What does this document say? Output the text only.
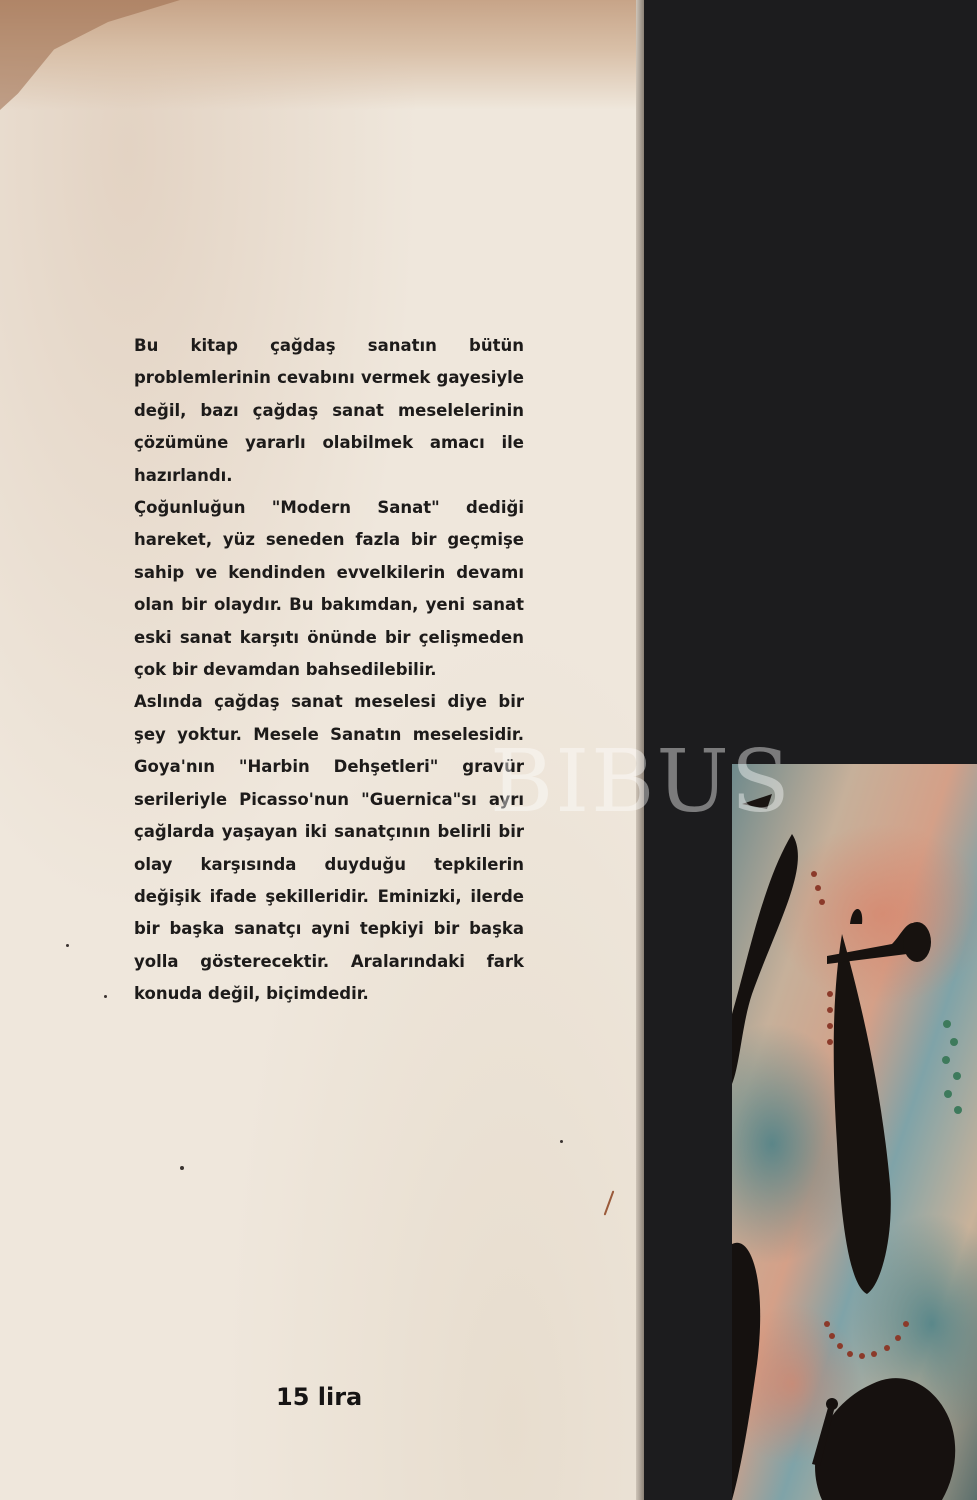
Bu kitap çağdaş sanatın bütün problemlerinin cevabını vermek gayesiyle değil, bazı çağdaş sanat meselelerinin çözümüne yararlı olabilmek amacı ile hazırlandı.

Çoğunluğun "Modern Sanat" dediği hareket, yüz seneden fazla bir geçmişe sahip ve kendinden evvelkilerin devamı olan bir olaydır. Bu bakımdan, yeni sanat eski sanat karşıtı önünde bir çelişmeden çok bir devamdan bahsedilebilir.

Aslında çağdaş sanat meselesi diye bir şey yoktur. Mesele Sanatın meselesidir. Goya'nın "Harbin Dehşetleri" gravür serileriyle Picasso'nun "Guernica"sı ayrı çağlarda yaşayan iki sanatçının belirli bir olay karşısında duyduğu tepkilerin değişik ifade şekilleridir. Eminizki, ilerde bir başka sanatçı ayni tepkiyi bir başka yolla gösterecektir. Aralarındaki fark konuda değil, biçimdedir.

15 lira

BIBUS
